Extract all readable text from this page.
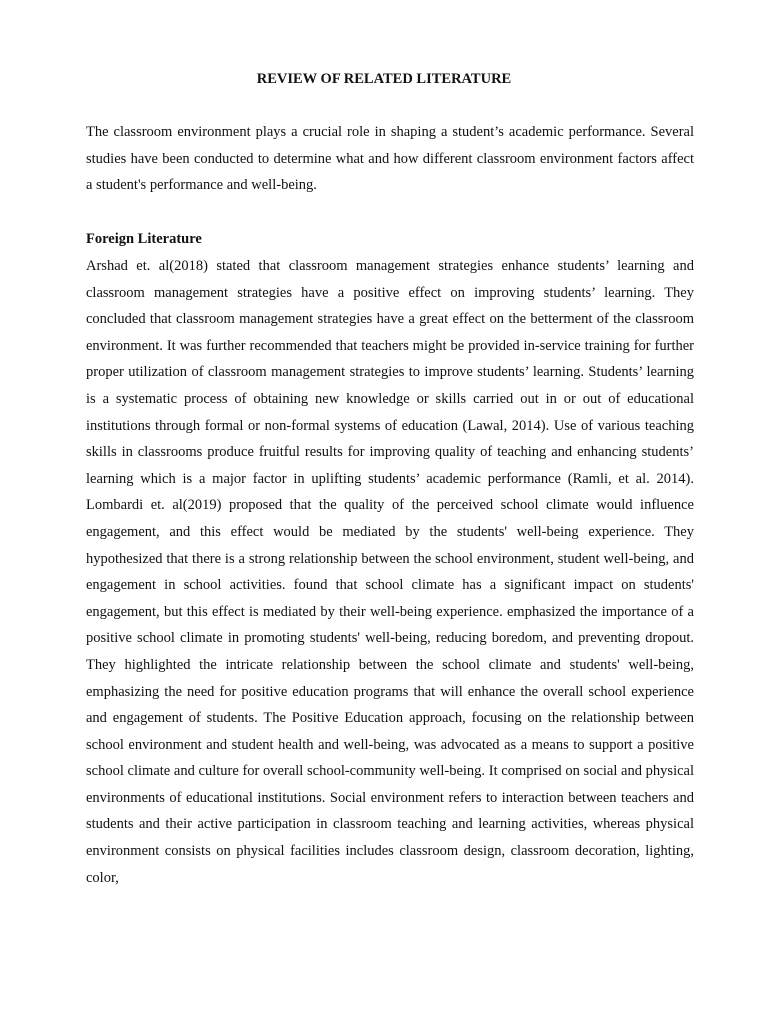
REVIEW OF RELATED LITERATURE

The classroom environment plays a crucial role in shaping a student’s academic performance. Several studies have been conducted to determine what and how different classroom environment factors affect a student's performance and well-being.

Foreign Literature

Arshad et. al(2018) stated that classroom management strategies enhance students’ learning and classroom management strategies have a positive effect on improving students’ learning. They concluded that classroom management strategies have a great effect on the betterment of the classroom environment. It was further recommended that teachers might be provided in-service training for further proper utilization of classroom management strategies to improve students’ learning. Students’ learning is a systematic process of obtaining new knowledge or skills carried out in or out of educational institutions through formal or non-formal systems of education (Lawal, 2014). Use of various teaching skills in classrooms produce fruitful results for improving quality of teaching and enhancing students’ learning which is a major factor in uplifting students’ academic performance (Ramli, et al. 2014). Lombardi et. al(2019) proposed that the quality of the perceived school climate would influence engagement, and this effect would be mediated by the students' well-being experience. They hypothesized that there is a strong relationship between the school environment, student well-being, and engagement in school activities. found that school climate has a significant impact on students' engagement, but this effect is mediated by their well-being experience. emphasized the importance of a positive school climate in promoting students' well-being, reducing boredom, and preventing dropout. They highlighted the intricate relationship between the school climate and students' well-being, emphasizing the need for positive education programs that will enhance the overall school experience and engagement of students. The Positive Education approach, focusing on the relationship between school environment and student health and well-being, was advocated as a means to support a positive school climate and culture for overall school-community well-being. It comprised on social and physical environments of educational institutions. Social environment refers to interaction between teachers and students and their active participation in classroom teaching and learning activities, whereas physical environment consists on physical facilities includes classroom design, classroom decoration, lighting, color,
